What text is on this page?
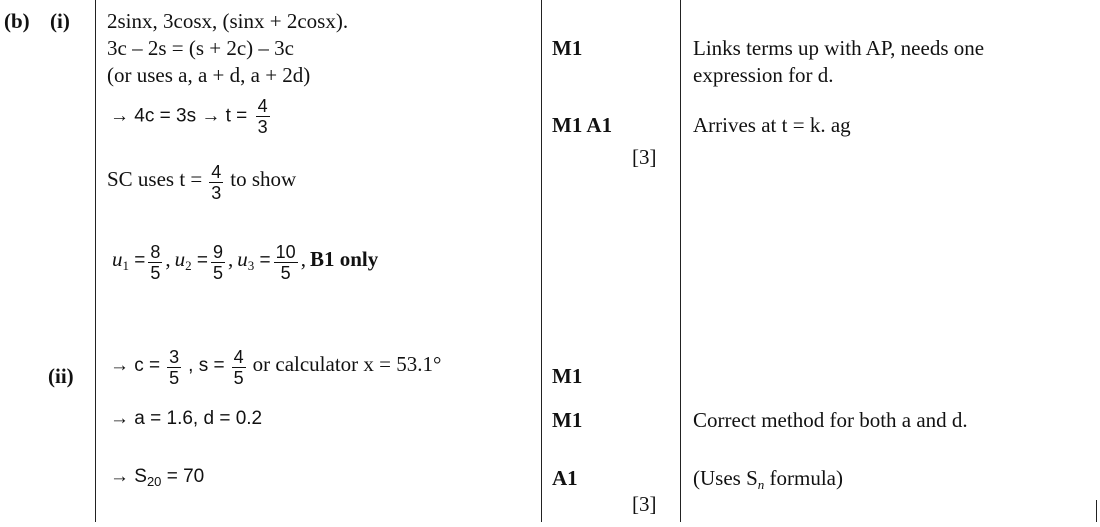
(b) (i)
(ii)
2sinx, 3cosx, (sinx + 2cosx).
3c – 2s = (s + 2c) – 3c
(or uses a, a + d, a + 2d)
→ $4c = 3s \to t = \frac{4}{3}$
SC uses $t = \frac{4}{3}$ to show
$u_1 = \frac{8}{5}$ , $u_2 = \frac{9}{5}$ , $u_3 = \frac{10}{5}$ , B1 only
→ $c = \frac{3}{5}$ , $s = \frac{4}{5}$ or calculator x = 53.1°
→ a = 1.6, d = 0.2
→ $S_{20} = 70$
M1
M1 A1
[3]
M1
M1
A1
[3]
Links terms up with AP, needs one
expression for d.
Arrives at t = k. ag
Correct method for both a and d.
(Uses $S_n$ formula)
